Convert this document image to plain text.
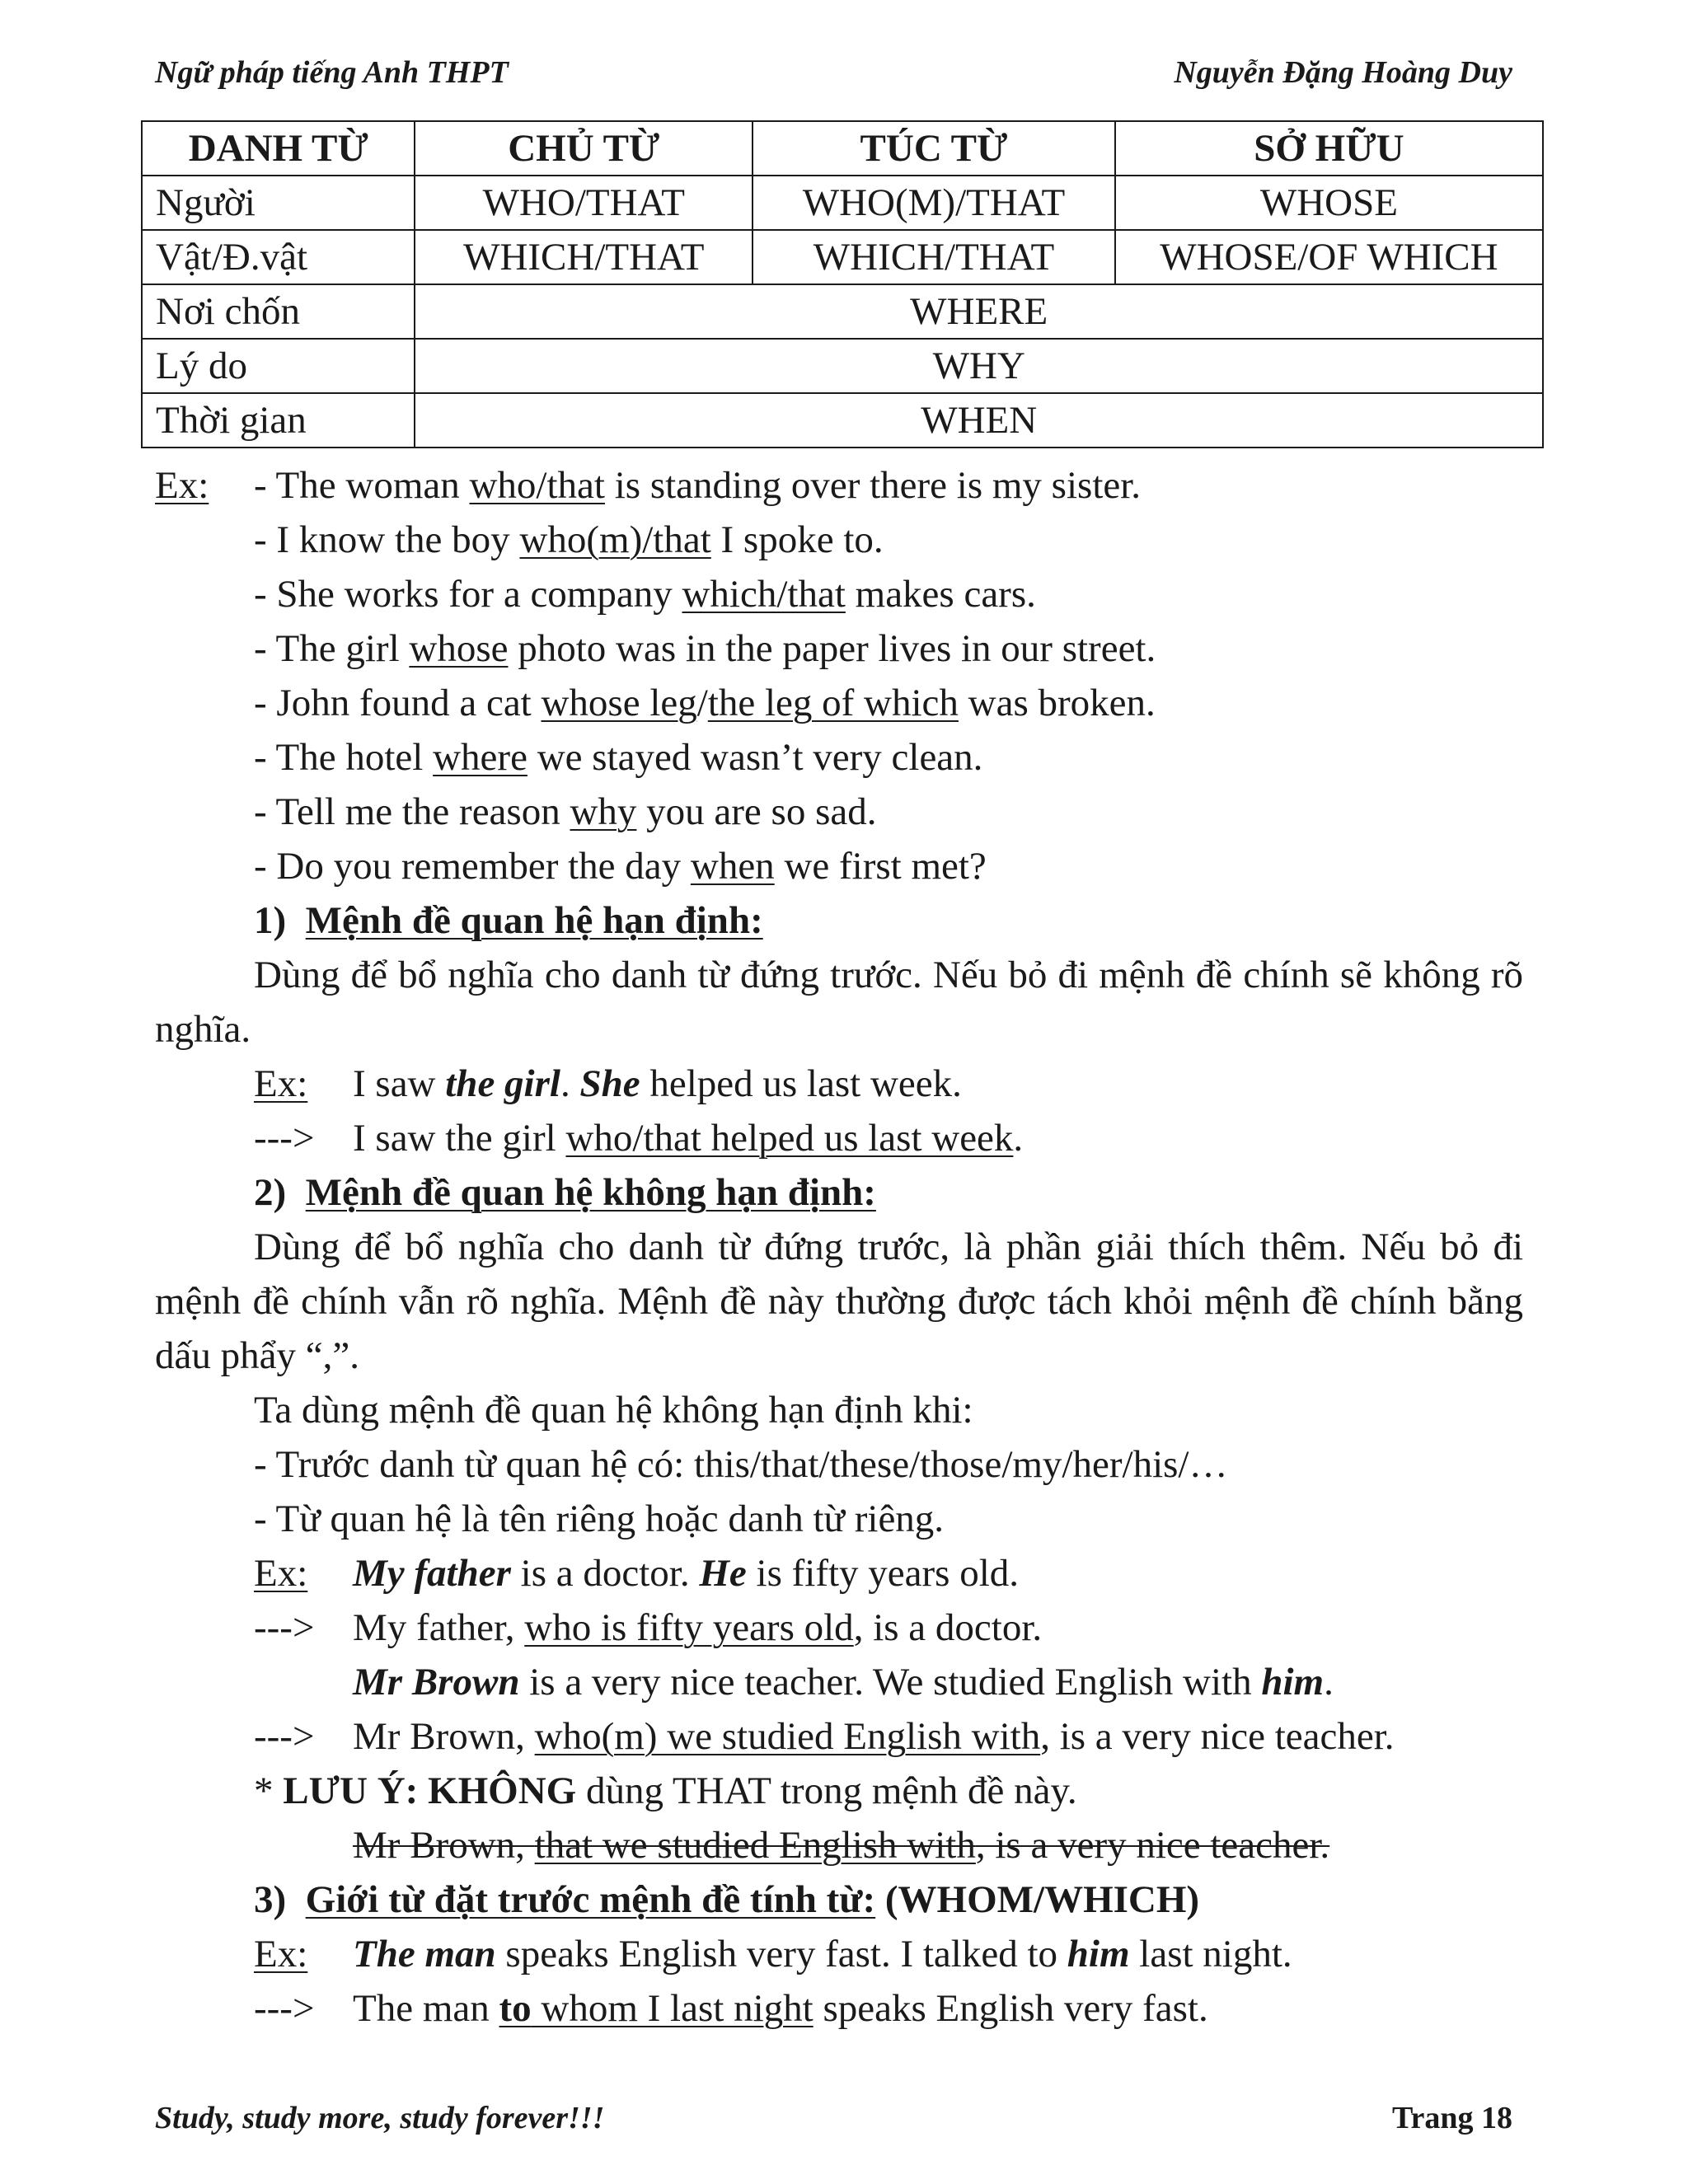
Ngữ pháp tiếng Anh THPT	Nguyễn Đặng Hoàng Duy
DANH TỪ	CHỦ TỪ	TÚC TỪ	SỞ HỮU
Người	WHO/THAT	WHO(M)/THAT	WHOSE
Vật/Đ.vật	WHICH/THAT	WHICH/THAT	WHOSE/OF WHICH
Nơi chốn	WHERE		
Lý do	WHY		
Thời gian	WHEN		
Ex: - The woman who/that is standing over there is my sister.
- I know the boy who(m)/that I spoke to.
- She works for a company which/that makes cars.
- The girl whose photo was in the paper lives in our street.
- John found a cat whose leg/the leg of which was broken.
- The hotel where we stayed wasn’t very clean.
- Tell me the reason why you are so sad.
- Do you remember the day when we first met?
1) Mệnh đề quan hệ hạn định:
Dùng để bổ nghĩa cho danh từ đứng trước. Nếu bỏ đi mệnh đề chính sẽ không rõ nghĩa.
Ex: I saw the girl. She helped us last week.
---> I saw the girl who/that helped us last week.
2) Mệnh đề quan hệ không hạn định:
Dùng để bổ nghĩa cho danh từ đứng trước, là phần giải thích thêm. Nếu bỏ đi mệnh đề chính vẫn rõ nghĩa. Mệnh đề này thường được tách khỏi mệnh đề chính bằng dấu phẩy “,”.
Ta dùng mệnh đề quan hệ không hạn định khi:
- Trước danh từ quan hệ có: this/that/these/those/my/her/his/…
- Từ quan hệ là tên riêng hoặc danh từ riêng.
Ex: My father is a doctor. He is fifty years old.
---> My father, who is fifty years old, is a doctor.
Mr Brown is a very nice teacher. We studied English with him.
---> Mr Brown, who(m) we studied English with, is a very nice teacher.
* LƯU Ý: KHÔNG dùng THAT trong mệnh đề này.
Mr Brown, that we studied English with, is a very nice teacher.
3) Giới từ đặt trước mệnh đề tính từ: (WHOM/WHICH)
Ex: The man speaks English very fast. I talked to him last night.
---> The man to whom I last night speaks English very fast.
Study, study more, study forever!!!	Trang 18
